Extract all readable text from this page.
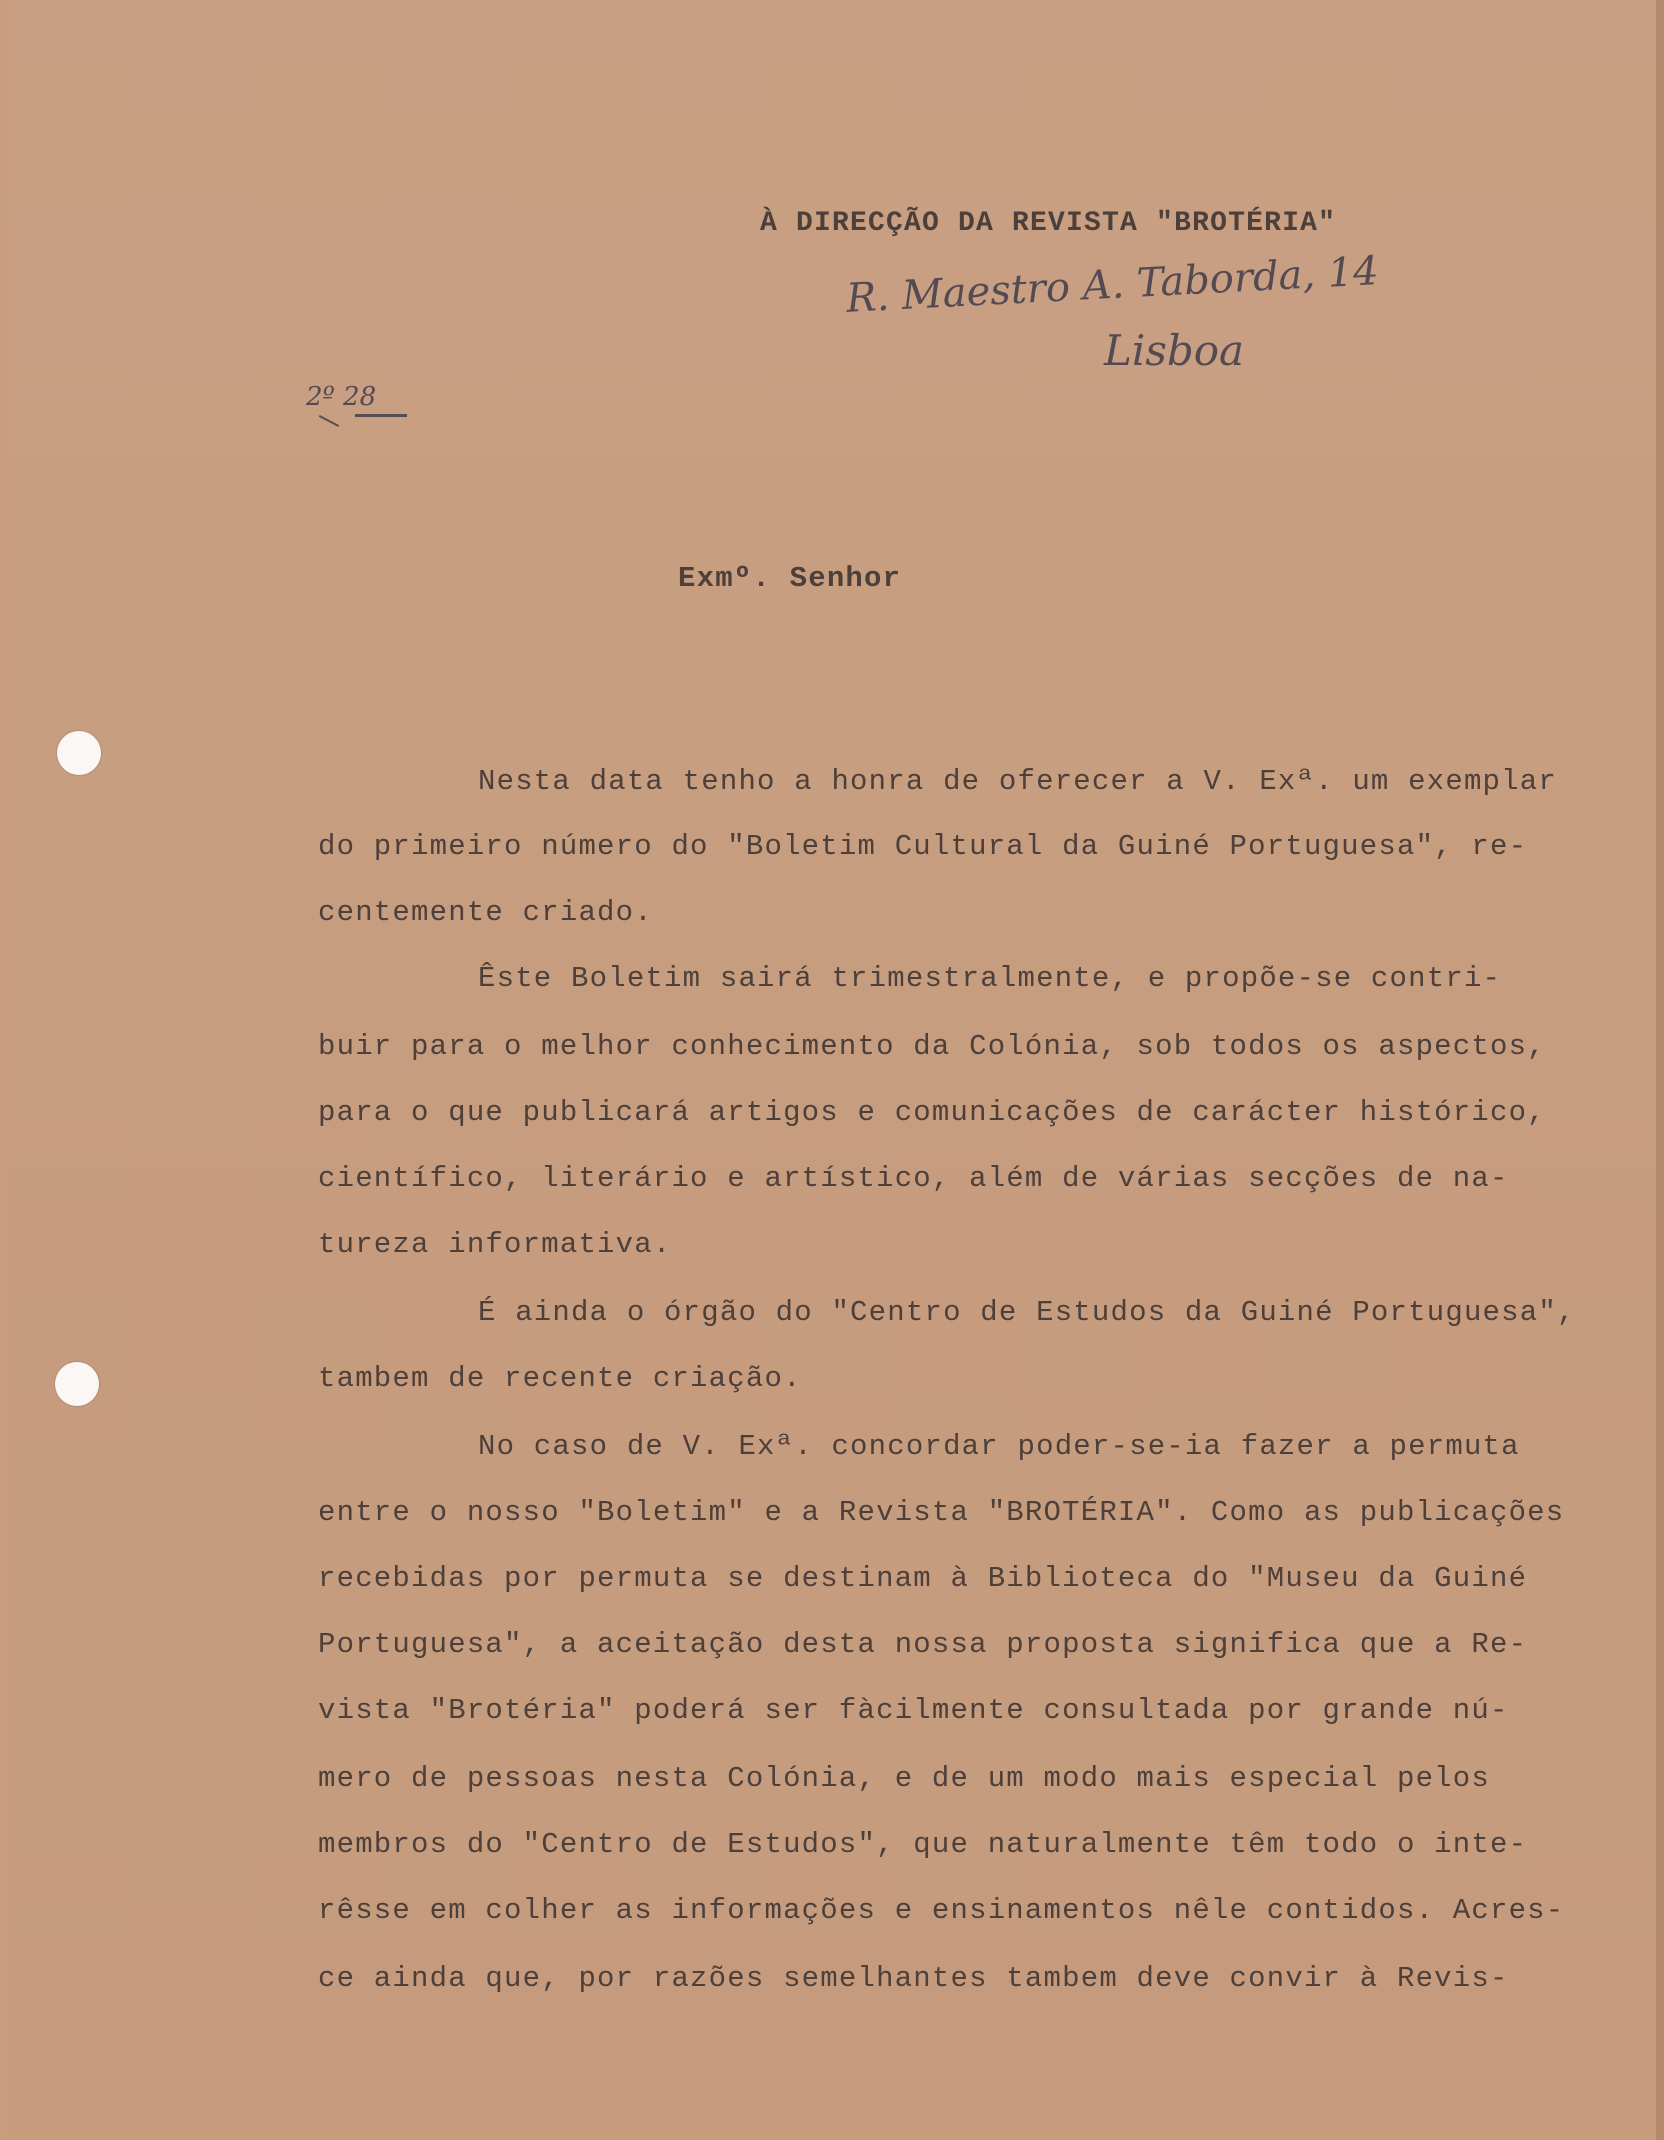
À DIRECÇÃO DA REVISTA "BROTÉRIA"
R. Maestro A. Taborda, 14
Lisboa
2º 28
Exmº. Senhor
Nesta data tenho a honra de oferecer a V. Exª. um exemplar
do primeiro número do "Boletim Cultural da Guiné Portuguesa", re-
centemente criado.
Êste Boletim sairá trimestralmente, e propõe-se contri-
buir para o melhor conhecimento da Colónia, sob todos os aspectos,
para o que publicará artigos e comunicações de carácter histórico,
científico, literário e artístico, além de várias secções de na-
tureza informativa.
É ainda o órgão do "Centro de Estudos da Guiné Portuguesa",
tambem de recente criação.
No caso de V. Exª. concordar poder-se-ia fazer a permuta
entre o nosso "Boletim" e a Revista "BROTÉRIA". Como as publicações
recebidas por permuta se destinam à Biblioteca do "Museu da Guiné
Portuguesa", a aceitação desta nossa proposta significa que a Re-
vista "Brotéria" poderá ser fàcilmente consultada por grande nú-
mero de pessoas nesta Colónia, e de um modo mais especial pelos
membros do "Centro de Estudos", que naturalmente têm todo o inte-
rêsse em colher as informações e ensinamentos nêle contidos. Acres-
ce ainda que, por razões semelhantes tambem deve convir à Revis-
